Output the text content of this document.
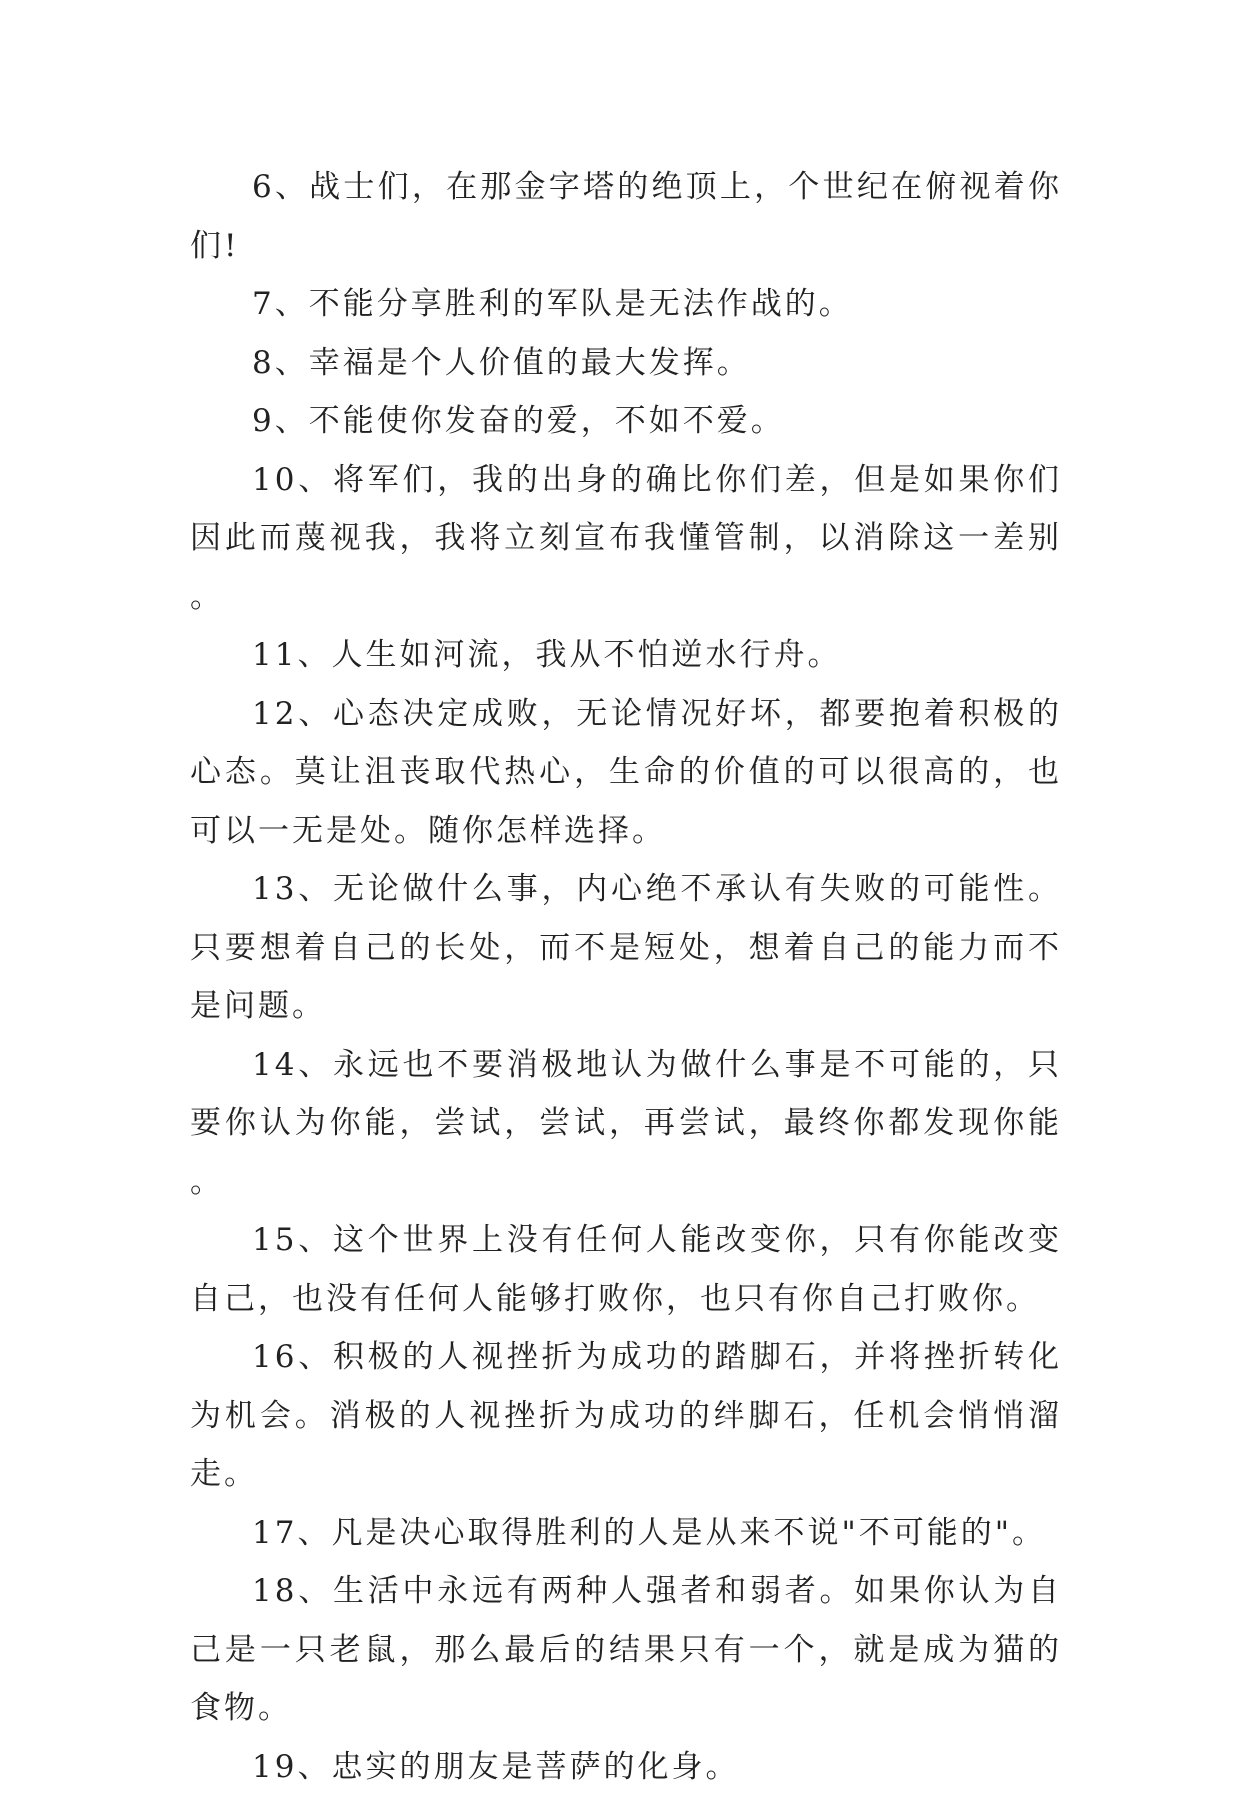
6、战士们，在那金字塔的绝顶上，个世纪在俯视着你们!

7、不能分享胜利的军队是无法作战的。

8、幸福是个人价值的最大发挥。

9、不能使你发奋的爱，不如不爱。

10、将军们，我的出身的确比你们差，但是如果你们因此而蔑视我，我将立刻宣布我懂管制，以消除这一差别。

11、人生如河流，我从不怕逆水行舟。

12、心态决定成败，无论情况好坏，都要抱着积极的心态。莫让沮丧取代热心，生命的价值的可以很高的，也可以一无是处。随你怎样选择。

13、无论做什么事，内心绝不承认有失败的可能性。只要想着自己的长处，而不是短处，想着自己的能力而不是问题。

14、永远也不要消极地认为做什么事是不可能的，只要你认为你能，尝试，尝试，再尝试，最终你都发现你能。

15、这个世界上没有任何人能改变你，只有你能改变自己，也没有任何人能够打败你，也只有你自己打败你。

16、积极的人视挫折为成功的踏脚石，并将挫折转化为机会。消极的人视挫折为成功的绊脚石，任机会悄悄溜走。

17、凡是决心取得胜利的人是从来不说"不可能的"。

18、生活中永远有两种人强者和弱者。如果你认为自己是一只老鼠，那么最后的结果只有一个，就是成为猫的食物。

19、忠实的朋友是菩萨的化身。
